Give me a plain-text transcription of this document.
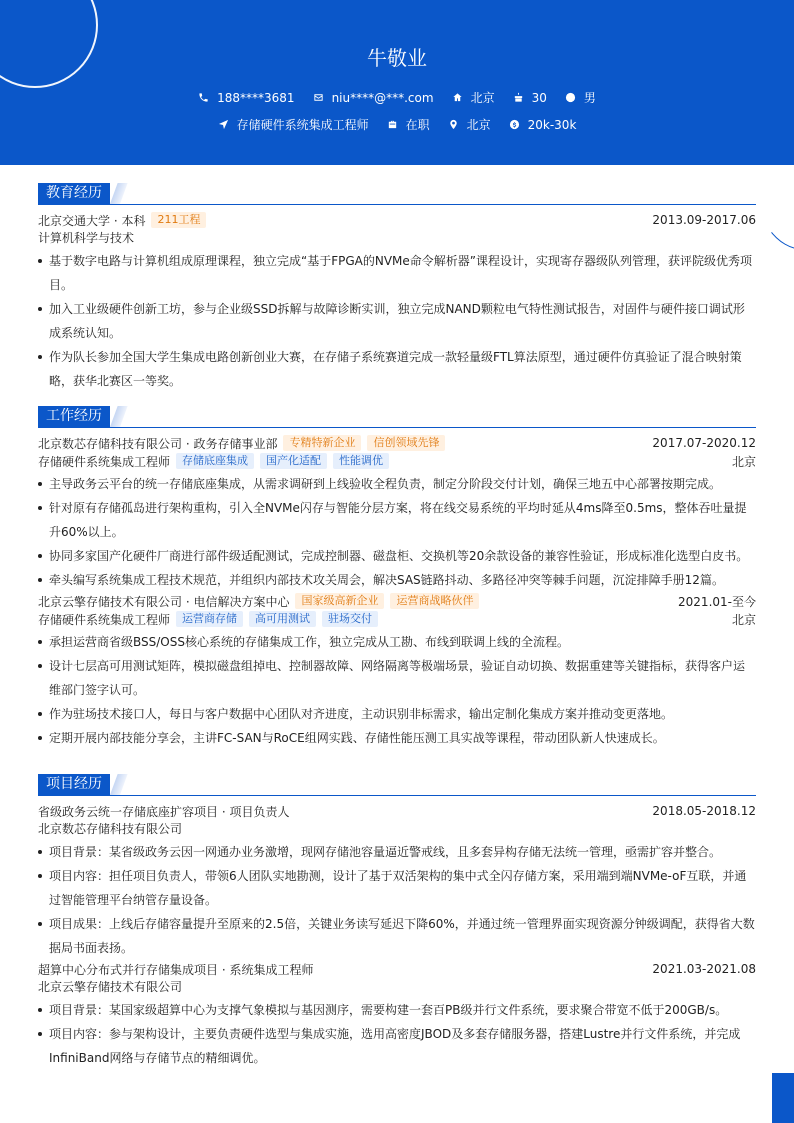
牛敬业
188****3681	niu****@***.com	北京	30	男
存储硬件系统集成工程师	在职	北京	20k-30k
教育经历
北京交通大学 · 本科	211工程	2013.09-2017.06
计算机科学与技术
基于数字电路与计算机组成原理课程，独立完成“基于FPGA的NVMe命令解析器”课程设计，实现寄存器级队列管理，获评院级优秀项目。
加入工业级硬件创新工坊，参与企业级SSD拆解与故障诊断实训，独立完成NAND颗粒电气特性测试报告，对固件与硬件接口调试形成系统认知。
作为队长参加全国大学生集成电路创新创业大赛，在存储子系统赛道完成一款轻量级FTL算法原型，通过硬件仿真验证了混合映射策略，获华北赛区一等奖。
工作经历
北京数芯存储科技有限公司 · 政务存储事业部	专精特新企业	信创领域先锋	2017.07-2020.12
存储硬件系统集成工程师	存储底座集成	国产化适配	性能调优	北京
主导政务云平台的统一存储底座集成，从需求调研到上线验收全程负责，制定分阶段交付计划，确保三地五中心部署按期完成。
针对原有存储孤岛进行架构重构，引入全NVMe闪存与智能分层方案，将在线交易系统的平均时延从4ms降至0.5ms，整体吞吐量提升60%以上。
协同多家国产化硬件厂商进行部件级适配测试，完成控制器、磁盘柜、交换机等20余款设备的兼容性验证，形成标准化选型白皮书。
牵头编写系统集成工程技术规范，并组织内部技术攻关周会，解决SAS链路抖动、多路径冲突等棘手问题，沉淀排障手册12篇。
北京云擎存储技术有限公司 · 电信解决方案中心	国家级高新企业	运营商战略伙伴	2021.01-至今
存储硬件系统集成工程师	运营商存储	高可用测试	驻场交付	北京
承担运营商省级BSS/OSS核心系统的存储集成工作，独立完成从工勘、布线到联调上线的全流程。
设计七层高可用测试矩阵，模拟磁盘组掉电、控制器故障、网络隔离等极端场景，验证自动切换、数据重建等关键指标，获得客户运维部门签字认可。
作为驻场技术接口人，每日与客户数据中心团队对齐进度，主动识别非标需求，输出定制化集成方案并推动变更落地。
定期开展内部技能分享会，主讲FC-SAN与RoCE组网实践、存储性能压测工具实战等课程，带动团队新人快速成长。
项目经历
省级政务云统一存储底座扩容项目 · 项目负责人	2018.05-2018.12
北京数芯存储科技有限公司
项目背景：某省级政务云因一网通办业务激增，现网存储池容量逼近警戒线，且多套异构存储无法统一管理，亟需扩容并整合。
项目内容：担任项目负责人，带领6人团队实地勘测，设计了基于双活架构的集中式全闪存储方案，采用端到端NVMe-oF互联，并通过智能管理平台纳管存量设备。
项目成果：上线后存储容量提升至原来的2.5倍，关键业务读写延迟下降60%，并通过统一管理界面实现资源分钟级调配，获得省大数据局书面表扬。
超算中心分布式并行存储集成项目 · 系统集成工程师	2021.03-2021.08
北京云擎存储技术有限公司
项目背景：某国家级超算中心为支撑气象模拟与基因测序，需要构建一套百PB级并行文件系统，要求聚合带宽不低于200GB/s。
项目内容：参与架构设计，主要负责硬件选型与集成实施，选用高密度JBOD及多套存储服务器，搭建Lustre并行文件系统，并完成InfiniBand网络与存储节点的精细调优。
